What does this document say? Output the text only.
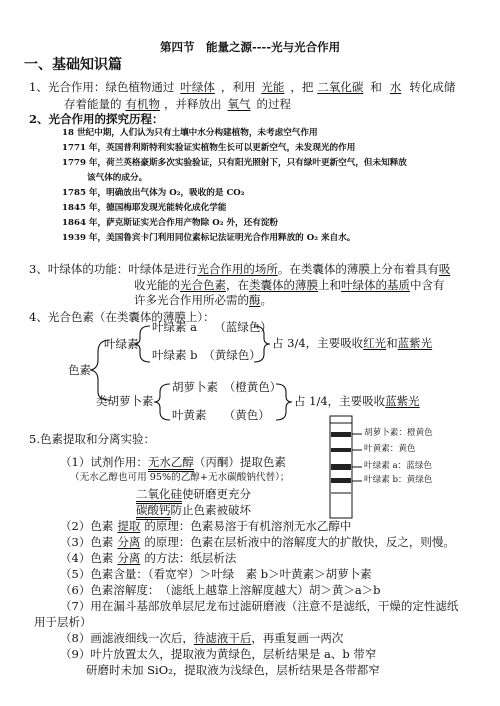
第四节　能量之源----光与光合作用
一、基础知识篇
1、光合作用：绿色植物通过 叶绿体 ，利用 光能 ，把 二氧化碳 和 水 转化成储
存着能量的 有机物 ，并释放出 氧气 的过程
2、光合作用的探究历程：
18 世纪中期，人们认为只有土壤中水分构建植物，未考虑空气作用
1771 年，英国普利斯特利实验证实植物生长可以更新空气，未发现光的作用
1779 年，荷兰英格豪斯多次实验验证，只有阳光照射下，只有绿叶更新空气，但未知释放
该气体的成分。
1785 年，明确放出气体为 O₂，吸收的是 CO₂
1845 年，德国梅耶发现光能转化成化学能
1864 年，萨克斯证实光合作用产物除 O₂ 外，还有淀粉
1939 年，美国鲁宾卡门利用同位素标记法证明光合作用释放的 O₂ 来自水。
3、叶绿体的功能：叶绿体是进行光合作用的场所。在类囊体的薄膜上分布着具有吸
收光能的光合色素，在类囊体的薄膜上和叶绿体的基质中含有
许多光合作用所必需的酶。
4、光合色素（在类囊体的薄膜上）：
色素
叶绿素
叶绿素 a　　（蓝绿色）
叶绿素 b　（黄绿色）
占 3/4，主要吸收红光和蓝紫光
类胡萝卜素
胡萝卜素　（橙黄色）
叶黄素　　（黄色）
占 1/4，主要吸收蓝紫光
5.色素提取和分离实验：	胡萝卜素：橙黄色
叶黄素：黄色
叶绿素 a：蓝绿色
叶绿素 b：黄绿色
（1）试剂作用：无水乙醇（丙酮）提取色素
（无水乙醇也可用 95%的乙醇+无水碳酸钠代替）；
二氧化硅使研磨更充分
碳酸钙防止色素被破坏
（2）色素 提取 的原理：色素易溶于有机溶剂无水乙醇中
（3）色素 分离 的原理：色素在层析液中的溶解度大的扩散快，反之，则慢。
（4）色素 分离 的方法：纸层析法
（5）色素含量：（看宽窄）＞叶绿　素 b＞叶黄素＞胡萝卜素
（6）色素溶解度：　（滤纸上越靠上溶解度越大）胡＞黄＞a＞b
（7）用在漏斗基部放单层尼龙布过滤研磨液（注意不是滤纸，干燥的定性滤纸
用于层析）
（8）画滤液细线一次后，待滤液干后，再重复画一两次
（9）叶片放置太久，提取液为黄绿色，层析结果是 a、b 带窄
研磨时未加 SiO₂，提取液为浅绿色，层析结果是各带都窄
